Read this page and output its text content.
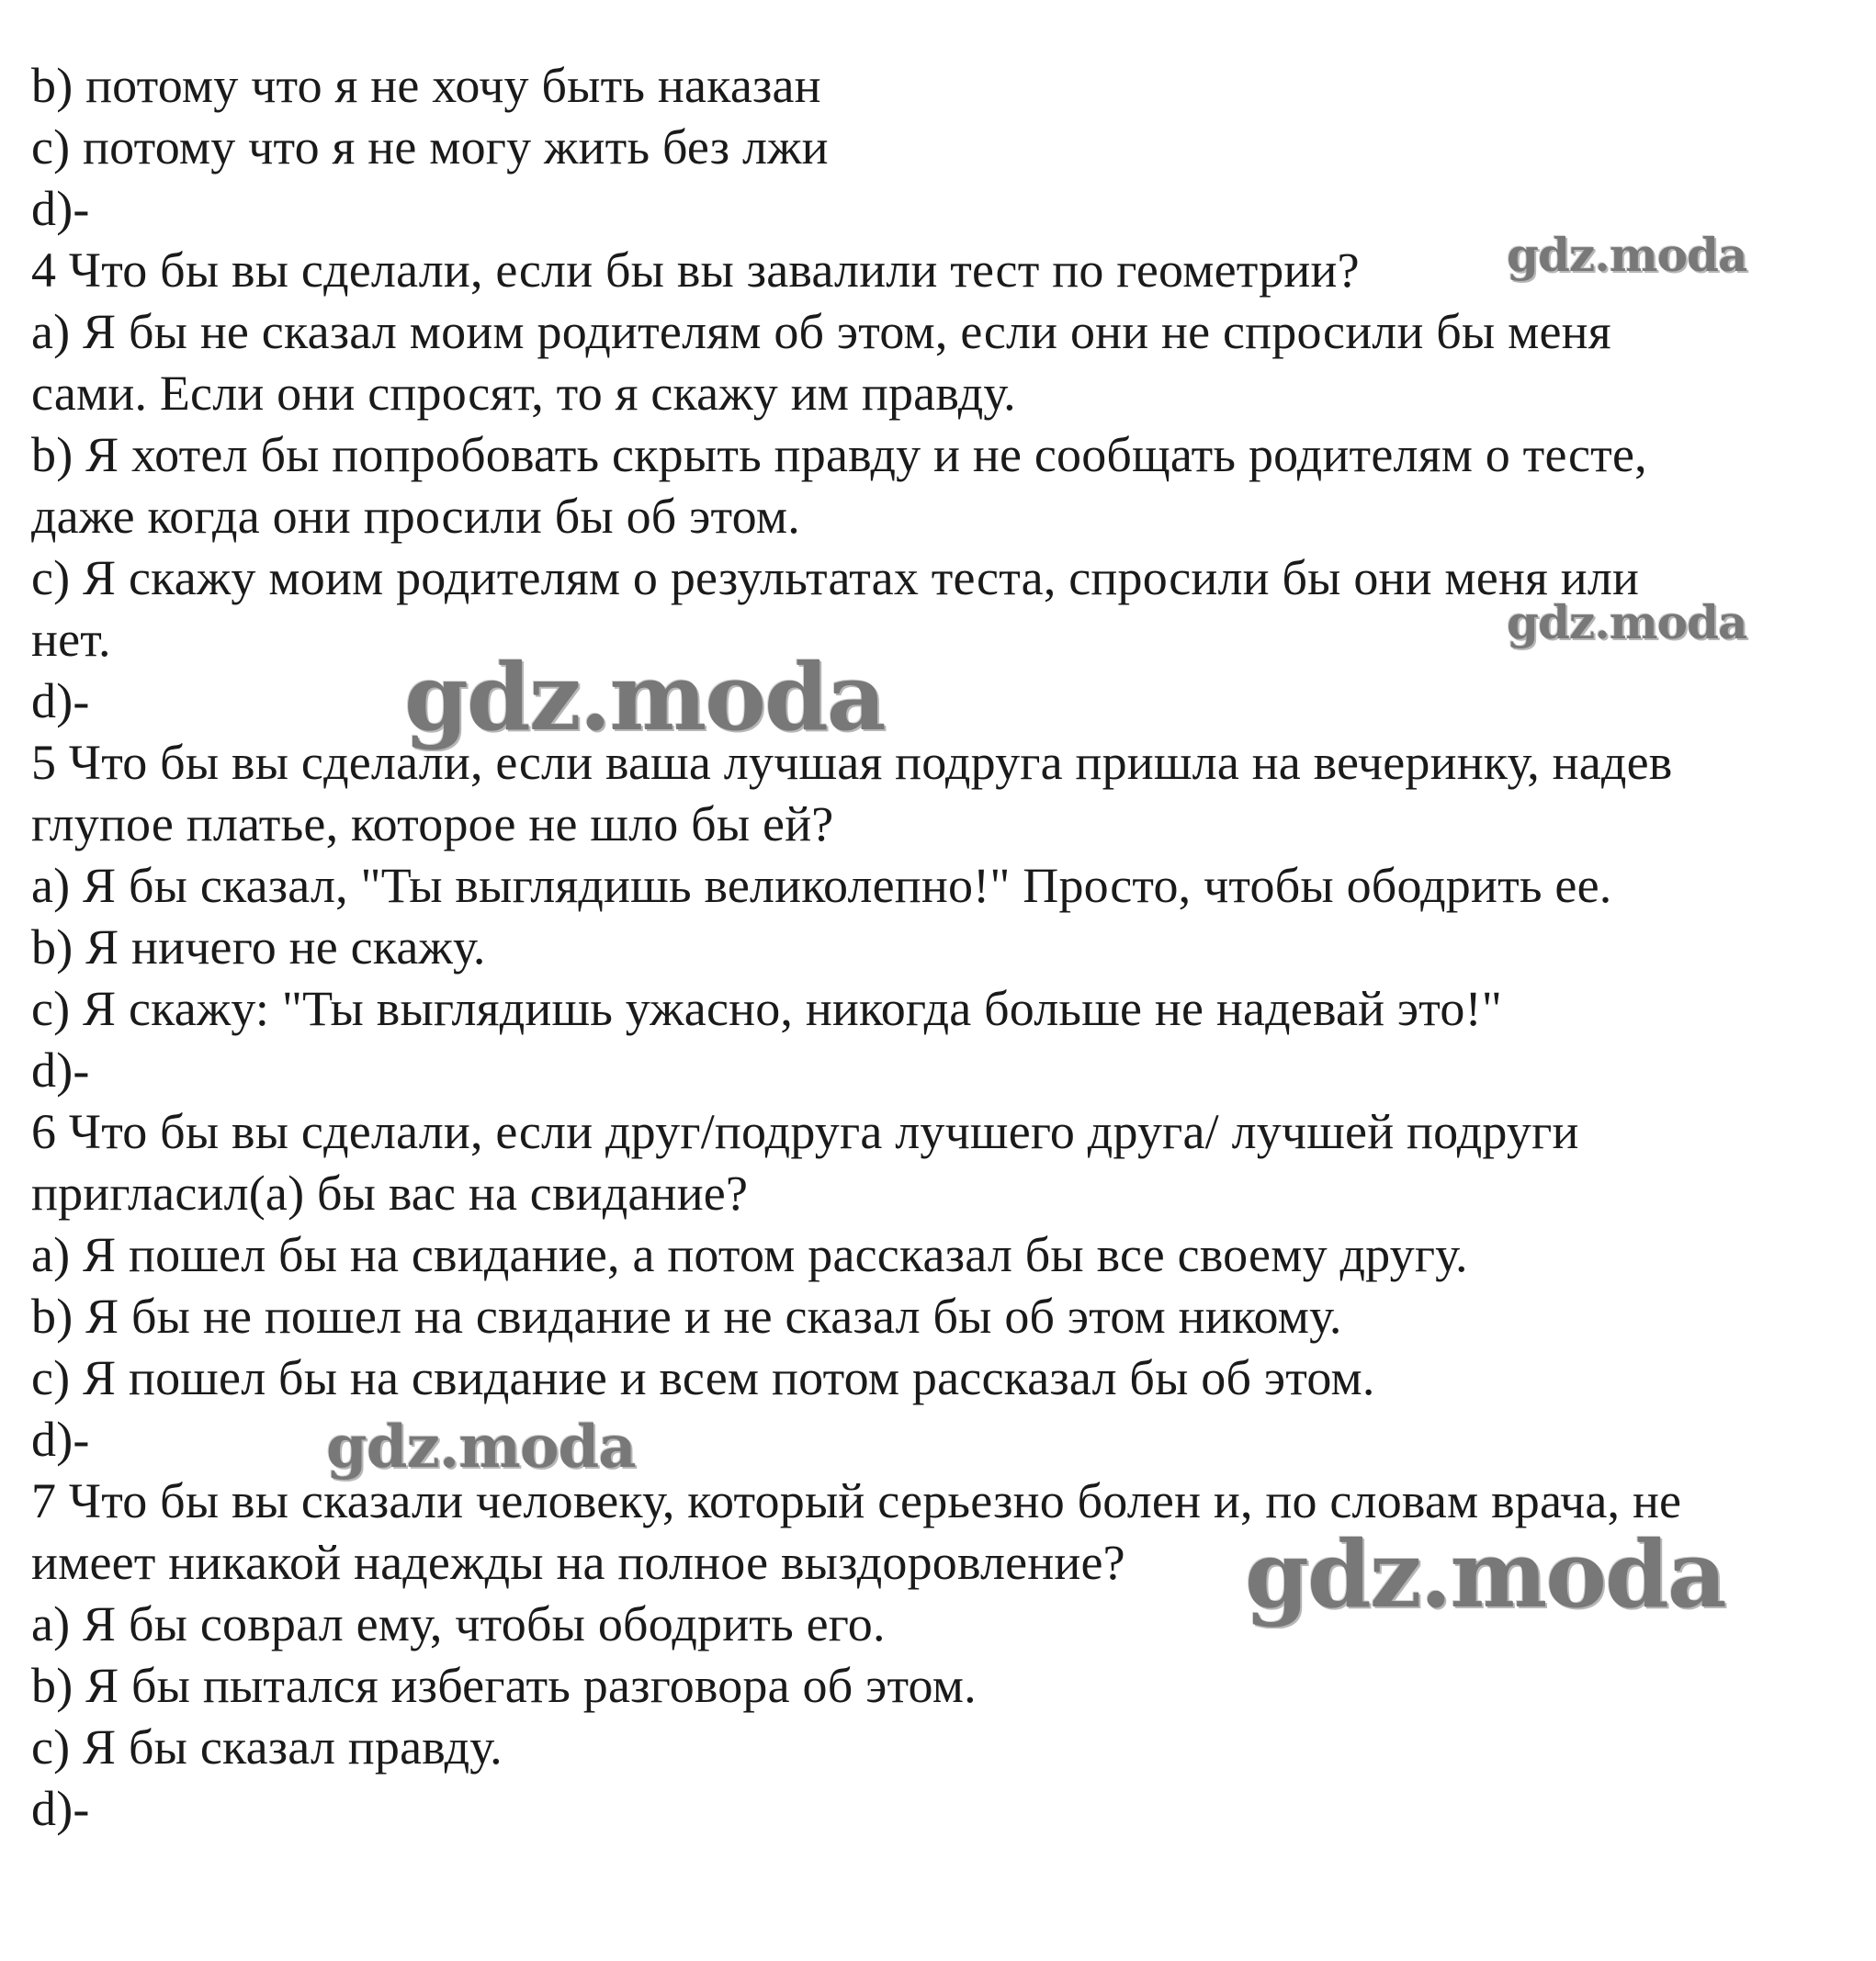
b) потому что я не хочу быть наказан
c) потому что я не могу жить без лжи
d)-
4 Что бы вы сделали, если бы вы завалили тест по геометрии?
a) Я бы не сказал моим родителям об этом, если они не спросили бы меня
сами. Если они спросят, то я скажу им правду.
b) Я хотел бы попробовать скрыть правду и не сообщать родителям о тесте,
даже когда они просили бы об этом.
c) Я скажу моим родителям о результатах теста, спросили бы они меня или
нет.
d)-
5 Что бы вы сделали, если ваша лучшая подруга пришла на вечеринку, надев
глупое платье, которое не шло бы ей?
a) Я бы сказал, "Ты выглядишь великолепно!" Просто, чтобы ободрить ее.
b) Я ничего не скажу.
c) Я скажу: "Ты выглядишь ужасно, никогда больше не надевай это!"
d)-
6 Что бы вы сделали, если друг/подруга лучшего друга/ лучшей подруги
пригласил(а) бы вас на свидание?
a) Я пошел бы на свидание, а потом рассказал бы все своему другу.
b) Я бы не пошел на свидание и не сказал бы об этом никому.
c) Я пошел бы на свидание и всем потом рассказал бы об этом.
d)-
7 Что бы вы сказали человеку, который серьезно болен и, по словам врача, не
имеет никакой надежды на полное выздоровление?
a) Я бы соврал ему, чтобы ободрить его.
b) Я бы пытался избегать разговора об этом.
c) Я бы сказал правду.
d)-
gdz.moda
gdz.moda
gdz.moda
gdz.moda
gdz.moda
